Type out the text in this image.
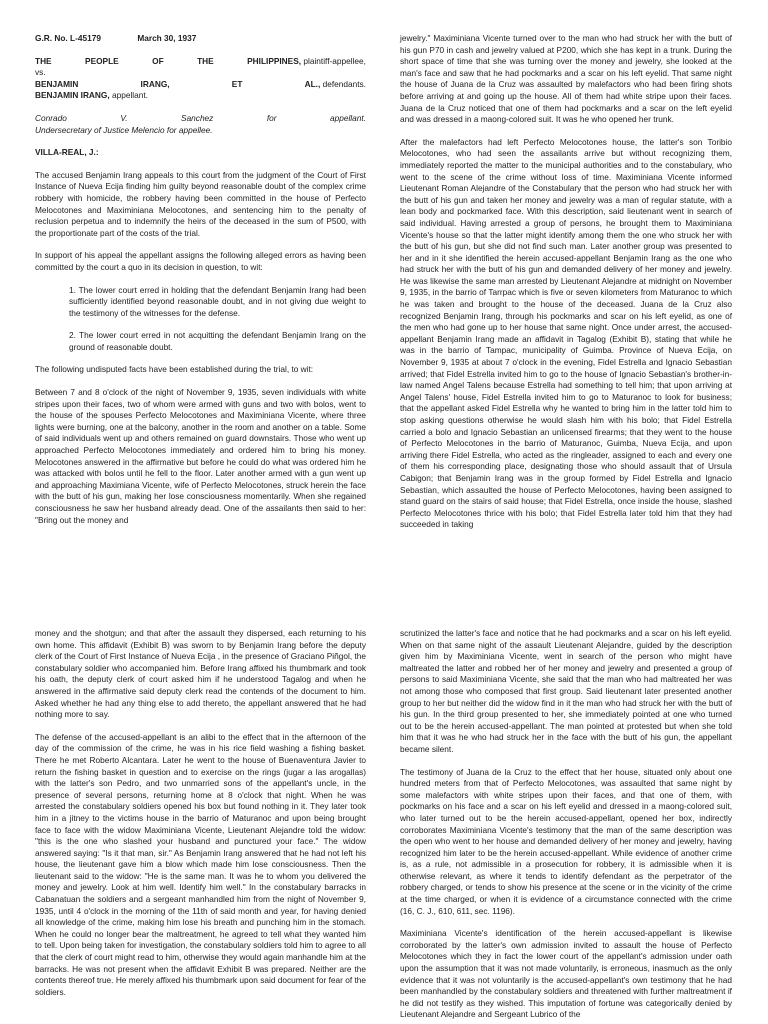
G.R. No. L-45179	March 30, 1937

THE	PEOPLE	OF	THE	PHILIPPINES, plaintiff-appellee,
vs.
BENJAMIN	IRANG,	ET	AL., defendants.
BENJAMIN IRANG, appellant.
Conrado	V.	Sanchez	for	appellant.
Undersecretary of Justice Melencio for appellee.

VILLA-REAL, J.:

The accused Benjamin Irang appeals to this court from the judgment of the Court of First Instance of Nueva Ecija finding him guilty beyond reasonable doubt of the complex crime robbery with homicide, the robbery having been committed in the house of Perfecto Melocotones and Maximiniana Melocotones, and sentencing him to the penalty of reclusion perpetua and to indemnify the heirs of the deceased in the sum of P500, with the proportionate part of the costs of the trial.

In support of his appeal the appellant assigns the following alleged errors as having been committed by the court a quo in its decision in question, to wit:

1. The lower court erred in holding that the defendant Benjamin Irang had been sufficiently identified beyond reasonable doubt, and in not giving due weight to the testimony of the witnesses for the defense.

2. The lower court erred in not acquitting the defendant Benjamin Irang on the ground of reasonable doubt.

The following undisputed facts have been established during the trial, to wit:

Between 7 and 8 o'clock of the night of November 9, 1935, seven individuals with white stripes upon their faces, two of whom were armed with guns and two with bolos, went to the house of the spouses Perfecto Melocotones and Maximiniana Vicente, where three lights were burning, one at the balcony, another in the room and another on a table. Some of said individuals went up and others remained on guard downstairs. Those who went up approached Perfecto Melocotones immediately and ordered him to bring his money. Melocotones answered in the affirmative but before he could do what was ordered him he was attacked with bolos until he fell to the floor. Later another armed with a gun went up and approaching Maximiana Vicente, wife of Perfecto Melocotones, struck herein the face with the butt of his gun, making her lose consciousness momentarily. When she regained consciousness he saw her husband already dead. One of the assailants then said to her: "Bring out the money and

jewelry." Maximiniana Vicente turned over to the man who had struck her with the butt of his gun P70 in cash and jewelry valued at P200, which she has kept in a trunk. During the short space of time that she was turning over the money and jewelry, she looked at the man's face and saw that he had pockmarks and a scar on his left eyelid. That same night the house of Juana de la Cruz was assaulted by malefactors who had been firing shots before arriving at and going up the house. All of them had white stripe upon their faces. Juana de la Cruz noticed that one of them had pockmarks and a scar on the left eyelid and was dressed in a maong-colored suit. It was he who opened her trunk.

After the malefactors had left Perfecto Melocotones house, the latter's son Toribio Melocotones, who had seen the assailants arrive but without recognizing them, immediately reported the matter to the municipal authorities and to the constabulary, who went to the scene of the crime without loss of time. Maximiniana Vicente informed Lieutenant Roman Alejandre of the Constabulary that the person who had struck her with the butt of his gun and taken her money and jewelry was a man of regular statute, with a lean body and pockmarked face. With this description, said lieutenant went in search of said individual. Having arrested a group of persons, he brought them to Maximiniana Vicente's house so that the latter might identify among them the one who struck her with the butt of his gun, but she did not find such man. Later another group was presented to her and in it she identified the herein accused-appellant Benjamin Irang as the one who had struck her with the butt of his gun and demanded delivery of her money and jewelry. He was likewise the same man arrested by Lieutenant Alejandre at midnight on November 9, 1935, in the barrio of Tarrpac which is five or seven kilometers from Maturanoc to which he was taken and brought to the house of the deceased. Juana de la Cruz also recognized Benjamin Irang, through his pockmarks and scar on his left eyelid, as one of the men who had gone up to her house that same night. Once under arrest, the accused-appellant Benjamin Irang made an affidavit in Tagalog (Exhibit B), stating that while he was in the barrio of Tampac, municipality of Guimba. Province of Nueva Ecija, on November 9, 1935 at about 7 o'clock in the evening, Fidel Estrella and Ignacio Sebastian arrived; that Fidel Estrella invited him to go to the house of Ignacio Sebastian's brother-in-law named Angel Talens because Estrella had something to tell him; that upon arriving at Angel Talens' house, Fidel Estrella invited him to go to Maturanoc to look for business; that the appellant asked Fidel Estrella why he wanted to bring him in the latter told him to stop asking questions otherwise he would slash him with his bolo; that Fidel Estrella carried a bolo and Ignacio Sebastian an unlicensed firearms; that they went to the house of Perfecto Melocotones in the barrio of Maturanoc, Guimba, Nueva Ecija, and upon arriving there Fidel Estrella, who acted as the ringleader, assigned to each and every one of them his corresponding place, designating those who should assault that of Ursula Cabigon; that Benjamin Irang was in the group formed by Fidel Estrella and Ignacio Sebastian, which assaulted the house of Perfecto Melocotones, having been assigned to stand guard on the stairs of said house; that Fidel Estrella, once inside the house, slashed Perfecto Melocotones thrice with his bolo; that Fidel Estrella later told him that they had succeeded in taking

money and the shotgun; and that after the assault they dispersed, each returning to his own home. This affidavit (Exhibit B) was sworn to by Benjamin Irang before the deputy clerk of the Court of First Instance of Nueva Ecija , in the presence of Graciano Piñgol, the constabulary soldier who accompanied him. Before Irang affixed his thumbmark and took his oath, the deputy clerk of court asked him if he understood Tagalog and when he answered in the affirmative said deputy clerk read the contends of the document to him. Asked whether he had any thing else to add thereto, the appellant answered that he had nothing more to say.

The defense of the accused-appellant is an alibi to the effect that in the afternoon of the day of the commission of the crime, he was in his rice field washing a fishing basket. There he met Roberto Alcantara. Later he went to the house of Buenaventura Javier to return the fishing basket in question and to exercise on the rings (jugar a las arogallas) with the latter's son Pedro, and two unmarried sons of the appellant's uncle, in the presence of several persons, returning home at 8 o'clock that night. When he was arrested the constabulary soldiers opened his box but found nothing in it. They later took him in a jitney to the victims house in the barrio of Maturanoc and upon being brought face to face with the widow Maximiniana Vicente, Lieutenant Alejandre told the widow: "this is the one who slashed your husband and punctured your face." The widow answered saying: "Is it that man, sir." As Benjamin Irang answered that he had not left his house, the lieutenant gave him a blow which made him lose consciousness. Then the lieutenant said to the widow: "He is the same man. It was he to whom you delivered the money and jewelry. Look at him well. Identify him well." In the constabulary barracks in Cabanatuan the soldiers and a sergeant manhandled him from the night of November 9, 1935, until 4 o'clock in the morning of the 11th of said month and year, for having denied all knowledge of the crime, making him lose his breath and punching him in the stomach. When he could no longer bear the maltreatment, he agreed to tell what they wanted him to tell. Upon being taken for investigation, the constabulary soldiers told him to agree to all that the clerk of court might read to him, otherwise they would again manhandle him at the barracks. He was not present when the affidavit Exhibit B was prepared. Neither are the contents thereof true. He merely affixed his thumbmark upon said document for fear of the soldiers.

scrutinized the latter's face and notice that he had pockmarks and a scar on his left eyelid. When on that same night of the assault Lieutenant Alejandre, guided by the description given him by Maximiniana Vicente, went in search of the person who might have maltreated the latter and robbed her of her money and jewelry and presented a group of persons to said Maximiniana Vicente, she said that the man who had maltreated her was not among those who composed that first group. Said lieutenant later presented another group to her but neither did the widow find in it the man who had struck her with the butt of his gun. In the third group presented to her, she immediately pointed at one who turned out to be the herein accused-appellant. The man pointed at protested but when she told him that it was he who had struck her in the face with the butt of his gun, the appellant became silent.

The testimony of Juana de la Cruz to the effect that her house, situated only about one hundred meters from that of Perfecto Melocotones, was assaulted that same night by some malefactors with white stripes upon their faces, and that one of them, with pockmarks on his face and a scar on his left eyelid and dressed in a maong-colored suit, who later turned out to be the herein accused-appellant, opened her box, indirectly corroborates Maximiniana Vicente's testimony that the man of the same description was the open who went to her house and demanded delivery of her money and jewelry, having recognized him later to be the herein accused-appellant. While evidence of another crime is, as a rule, not admissible in a prosecution for robbery, it is admissible when it is otherwise relevant, as where it tends to identify defendant as the perpetrator of the robbery charged, or tends to show his presence at the scene or in the vicinity of the crime at the time charged, or when it is evidence of a circumstance connected with the crime (16, C. J., 610, 611, sec. 1196).

Maximiniana Vicente's identification of the herein accused-appellant is likewise corroborated by the latter's own admission invited to assault the house of Perfecto Melocotones which they in fact the lower court of the appellant's admission under oath upon the assumption that it was not made voluntarily, is erroneous, inasmuch as the only evidence that it was not voluntarily is the accused-appellant's own testimony that he had been manhandled by the constabulary soldiers and threatened with further maltreatment if he did not testify as they wished. This imputation of fortune was categorically denied by Lieutenant Alejandre and Sergeant Lubrico of the
